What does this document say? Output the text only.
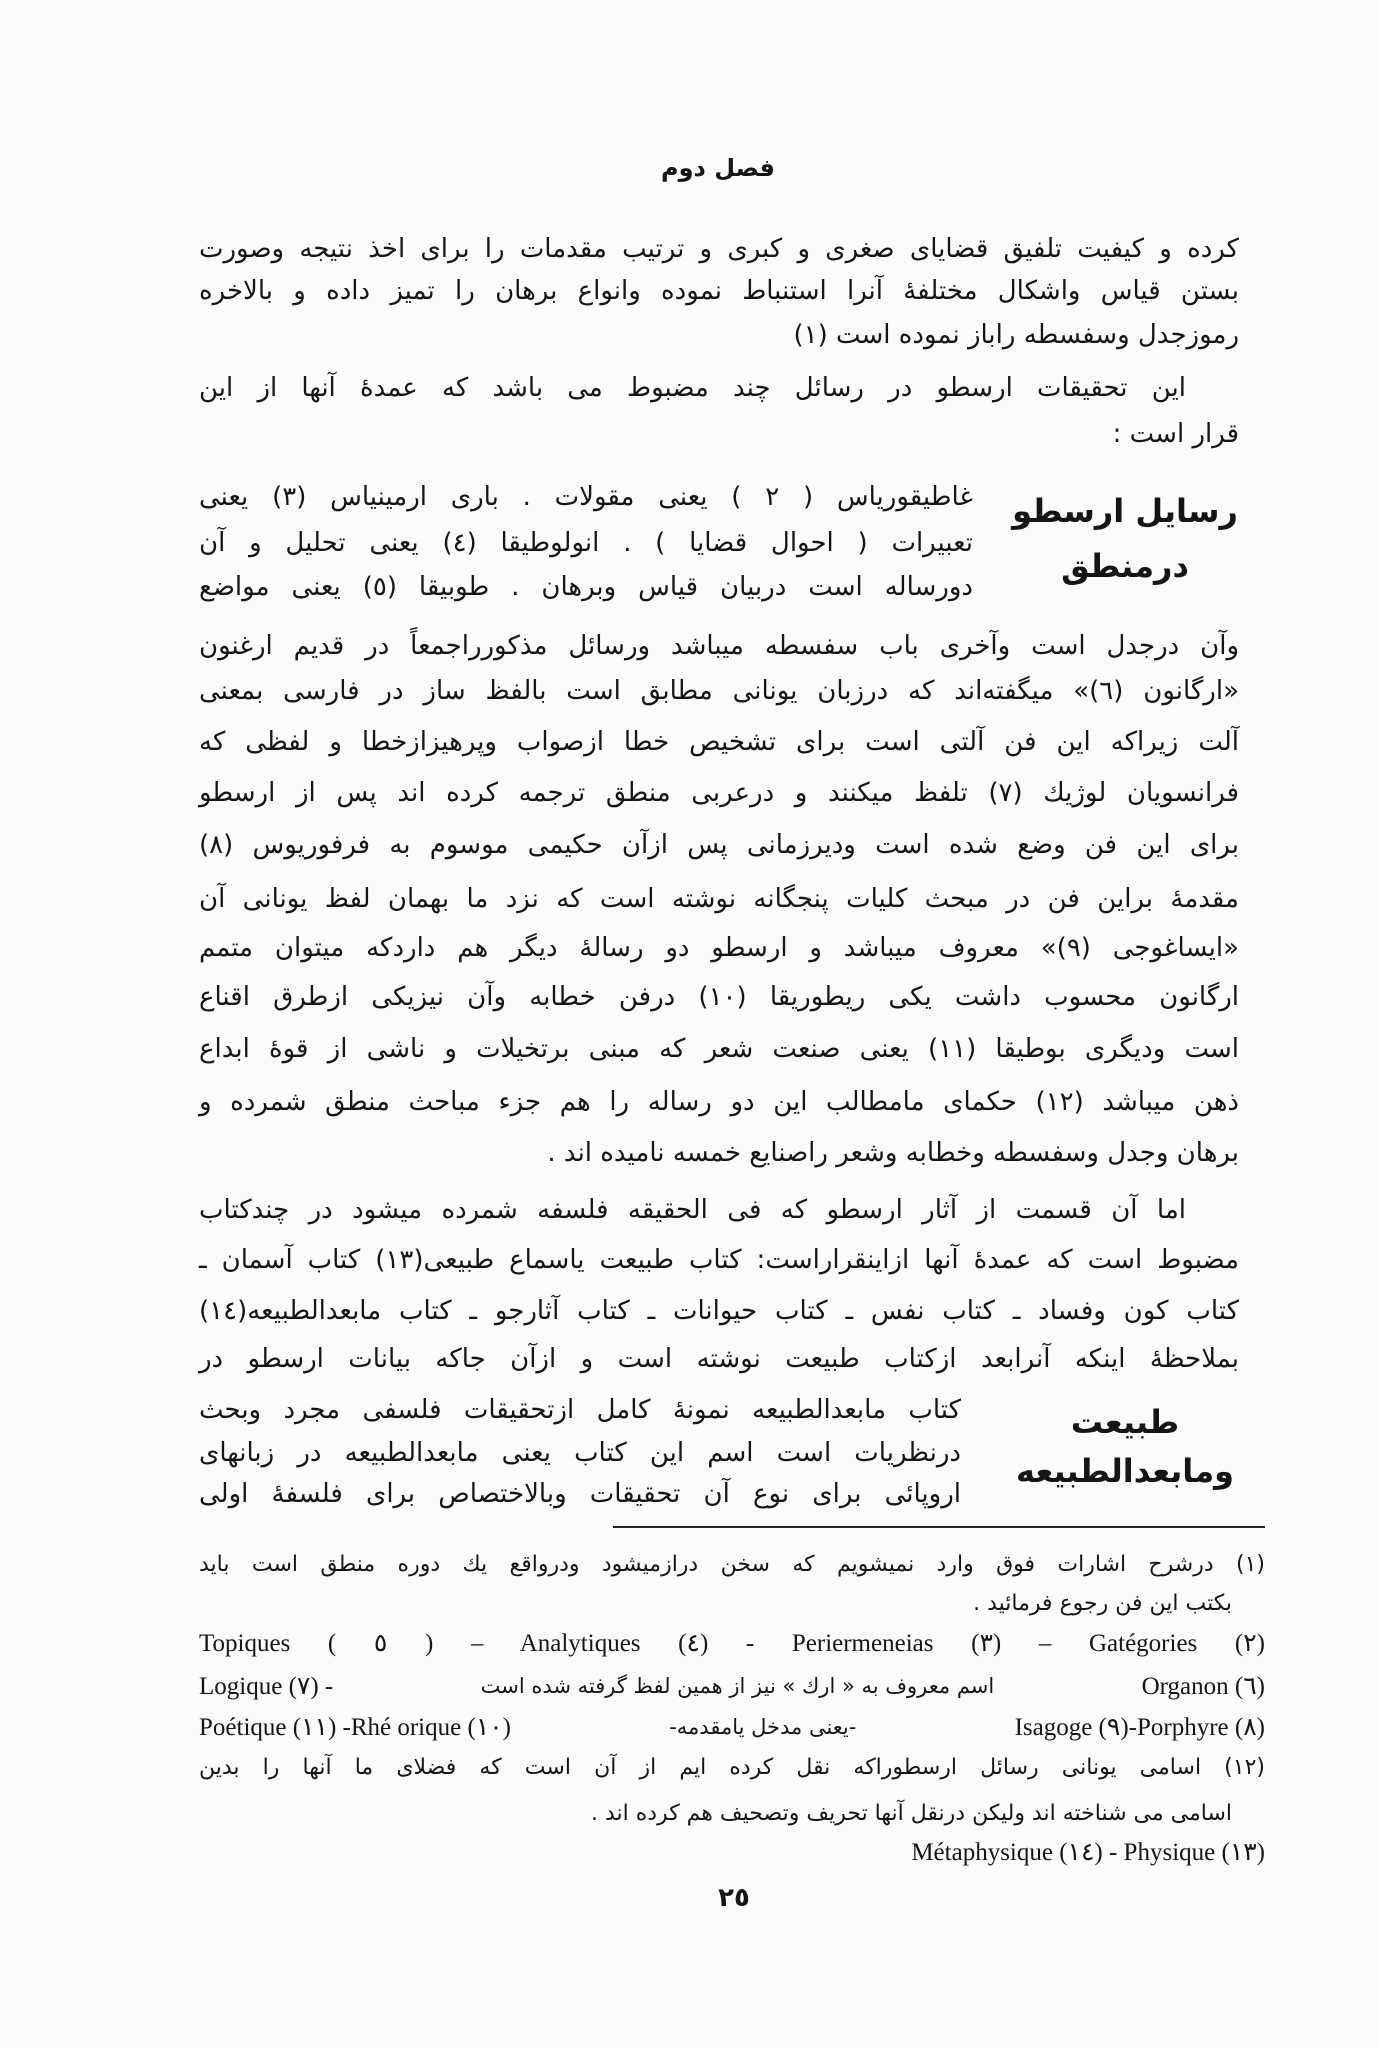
فصل دوم
کرده و کیفیت تلفیق قضایای صغری و کبری و ترتیب مقدمات را برای اخذ نتیجه وصورت
بستن قیاس واشکال مختلفهٔ آنرا استنباط نموده وانواع برهان را تمیز داده و بالاخره
رموزجدل وسفسطه راباز نموده است (١)
این تحقیقات ارسطو در رسائل چند مضبوط می باشد که عمدهٔ آنها از این
قرار است :
رسایل ارسطو
درمنطق
غاطیقوریاس ( ٢ ) یعنی مقولات . باری ارمینیاس (٣) یعنی
تعبیرات ( احوال قضایا ) . انولوطیقا (٤) یعنی تحلیل و آن
دورساله است دربیان قیاس وبرهان . طوبیقا (٥) یعنی مواضع
وآن درجدل است وآخری باب سفسطه میباشد ورسائل مذکورراجمعاً در قدیم ارغنون
«ارگانون (٦)» میگفته‌اند که درزبان یونانی مطابق است بالفظ ساز در فارسی بمعنی
آلت زیراکه این فن آلتی است برای تشخیص خطا ازصواب وپرهیزازخطا و لفظی که
فرانسویان لوژیك (٧) تلفظ میکنند و درعربی منطق ترجمه کرده اند پس از ارسطو
برای این فن وضع شده است ودیرزمانی پس ازآن حکیمی موسوم به فرفوریوس (٨)
مقدمهٔ براین فن در مبحث کلیات پنجگانه نوشته است که نزد ما بهمان لفظ یونانی آن
«ایساغوجی (٩)» معروف میباشد و ارسطو دو رسالهٔ دیگر هم داردکه میتوان متمم
ارگانون محسوب داشت یکی ریطوریقا (١٠) درفن خطابه وآن نیزیکی ازطرق اقناع
است ودیگری بوطیقا (١١) یعنی صنعت شعر که مبنی برتخیلات و ناشی از قوهٔ ابداع
ذهن میباشد (١٢) حکمای مامطالب این دو رساله را هم جزء مباحث منطق شمرده و
برهان وجدل وسفسطه وخطابه وشعر راصنایع خمسه نامیده اند .
اما آن قسمت از آثار ارسطو که فی الحقیقه فلسفه شمرده میشود در چندکتاب
مضبوط است که عمدهٔ آنها ازاینقراراست: کتاب طبیعت یاسماع طبیعی(١٣) کتاب آسمان ـ
کتاب کون وفساد ـ کتاب نفس ـ کتاب حیوانات ـ کتاب آثارجو ـ کتاب مابعدالطبیعه(١٤)
بملاحظهٔ اینکه آنرابعد ازکتاب طبیعت نوشته است و ازآن جاکه بیانات ارسطو در
طبیعت
ومابعدالطبیعه
کتاب مابعدالطبیعه نمونهٔ کامل ازتحقیقات فلسفی مجرد وبحث
درنظریات است اسم این کتاب یعنی مابعدالطبیعه در زبانهای
اروپائی برای نوع آن تحقیقات وبالاختصاص برای فلسفهٔ اولی
(١) درشرح اشارات فوق وارد نمیشویم که سخن درازمیشود ودرواقع یك دوره منطق است باید
بکتب این فن رجوع فرمائید .
Topiques ( ٥ ) – Analytiques (٤) - Periermeneias (٣) – Gatégories (٢)
Logique (٧) -	اسم معروف به « ارك » نیز از همین لفظ گرفته شده است	Organon (٦)
Poétique (١١) -Rhé orique (١٠)	-یعنی مدخل یامقدمه-	Isagoge (٩)-Porphyre (٨)
(١٢) اسامی یونانی رسائل ارسطوراکه نقل کرده ایم از آن است که فضلای ما آنها را بدین
اسامی می شناخته اند ولیکن درنقل آنها تحریف وتصحیف هم کرده اند .
Métaphysique (١٤) - Physique (١٣)
٢٥
